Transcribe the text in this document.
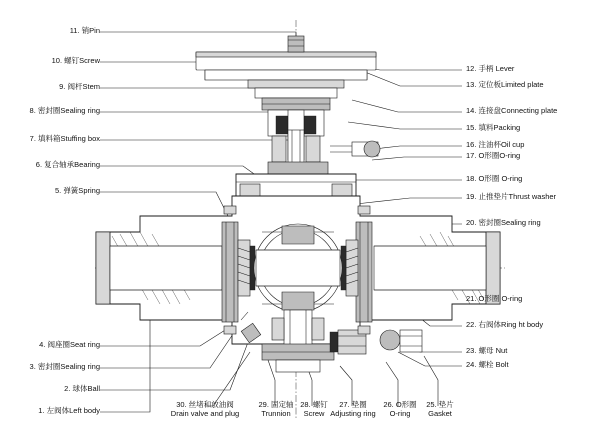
11. 销Pin
10. 螺钉Screw
9. 阀杆Stem
8. 密封圈Sealing ring
7. 填料箱Stuffing box
6. 复合轴承Bearing
5. 弹簧Spring
4. 阀座圈Seat ring
3. 密封圈Sealing ring
2. 球体Ball
1. 左阀体Left body
12. 手柄 Lever
13. 定位板Limited plate
14. 连接盘Connecting plate
15. 填料Packing
16. 注油杯Oil cup
17. O形圈O-ring
18. O形圈 O-ring
19. 止推垫片Thrust washer
20. 密封圈Sealing ring
21. O形圈 O-ring
22. 右阀体Ring ht body
23. 螺母 Nut
24. 螺栓 Bolt
30. 丝堵和放油阀
Drain valve and plug
29. 固定轴
Trunnion
28. 螺钉
Screw
27. 垫圈
Adjusting ring
26. O形圈
O-ring
25. 垫片
Gasket
